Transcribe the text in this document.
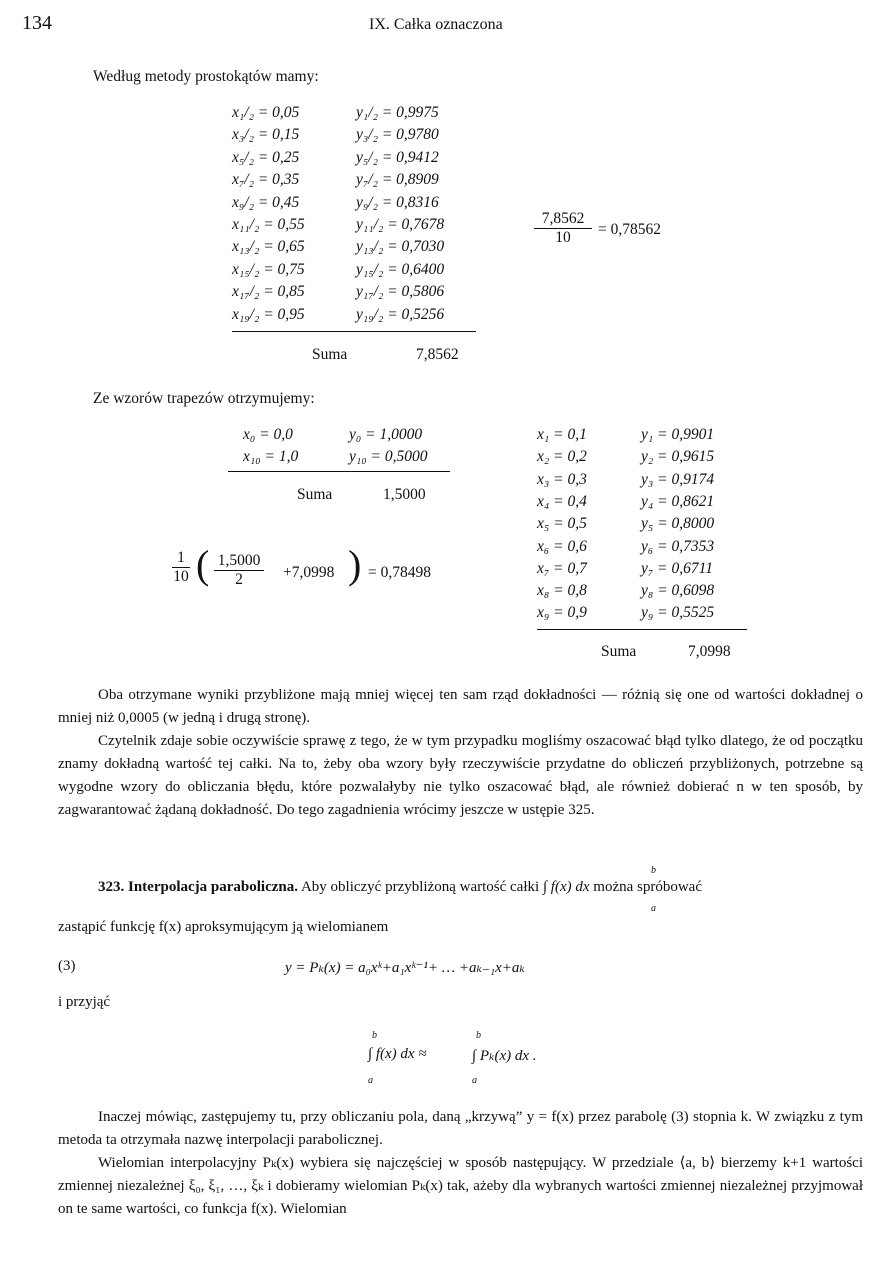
134	IX. Całka oznaczona
Według metody prostokątów mamy:
x₁/₂ = 0,05	y₁/₂ = 0,9975
x₃/₂ = 0,15	y₃/₂ = 0,9780
x₅/₂ = 0,25	y₅/₂ = 0,9412
x₇/₂ = 0,35	y₇/₂ = 0,8909
x₉/₂ = 0,45	y₉/₂ = 0,8316
x₁₁/₂ = 0,55	y₁₁/₂ = 0,7678
x₁₃/₂ = 0,65	y₁₃/₂ = 0,7030
x₁₅/₂ = 0,75	y₁₅/₂ = 0,6400
x₁₇/₂ = 0,85	y₁₇/₂ = 0,5806
x₁₉/₂ = 0,95	y₁₉/₂ = 0,5256
Suma	7,8562
$\frac{7,8562}{10} = 0,78562$
Ze wzorów trapezów otrzymujemy:
x₀ = 0,0	y₀ = 1,0000
x₁₀ = 1,0	y₁₀ = 0,5000
Suma	1,5000
$\frac{1}{10}$ ( $\frac{1,5000}{2} +7,0998$ ) = 0,78498
x₁ = 0,1	y₁ = 0,9901
x₂ = 0,2	y₂ = 0,9615
x₃ = 0,3	y₃ = 0,9174
x₄ = 0,4	y₄ = 0,8621
x₅ = 0,5	y₅ = 0,8000
x₆ = 0,6	y₆ = 0,7353
x₇ = 0,7	y₇ = 0,6711
x₈ = 0,8	y₈ = 0,6098
x₉ = 0,9	y₉ = 0,5525
Suma	7,0998

Oba otrzymane wyniki przybliżone mają mniej więcej ten sam rząd dokładności — różnią się one od wartości dokładnej o mniej niż 0,0005 (w jedną i drugą stronę).

Czytelnik zdaje sobie oczywiście sprawę z tego, że w tym przypadku mogliśmy oszacować błąd tylko dlatego, że od początku znamy dokładną wartość tej całki. Na to, żeby oba wzory były rzeczywiście przydatne do obliczeń przybliżonych, potrzebne są wygodne wzory do obliczania błędu, które pozwalałyby nie tylko oszacować błąd, ale również dobierać n w ten sposób, by zagwarantować żądaną dokładność. Do tego zagadnienia wrócimy jeszcze w ustępie 325.

323. Interpolacja paraboliczna. Aby obliczyć przybliżoną wartość całki ∫ f(x) dx można spróbować
b
a
zastąpić funkcję f(x) aproksymującym ją wielomianem
(3)	y = Pₖ(x) = a₀xᵏ+a₁xᵏ⁻¹+ … +aₖ₋₁x+aₖ
i przyjąć
∫ f(x) dx ≈	∫ Pₖ(x) dx .
b
a
b
a

Inaczej mówiąc, zastępujemy tu, przy obliczaniu pola, daną „krzywą” y = f(x) przez parabolę (3) stopnia k. W związku z tym metoda ta otrzymała nazwę interpolacji parabolicznej.

Wielomian interpolacyjny Pₖ(x) wybiera się najczęściej w sposób następujący. W przedziale ⟨a, b⟩ bierzemy k+1 wartości zmiennej niezależnej ξ₀, ξ₁, …, ξₖ i dobieramy wielomian Pₖ(x) tak, ażeby dla wybranych wartości zmiennej niezależnej przyjmował on te same wartości, co funkcja f(x). Wielomian
